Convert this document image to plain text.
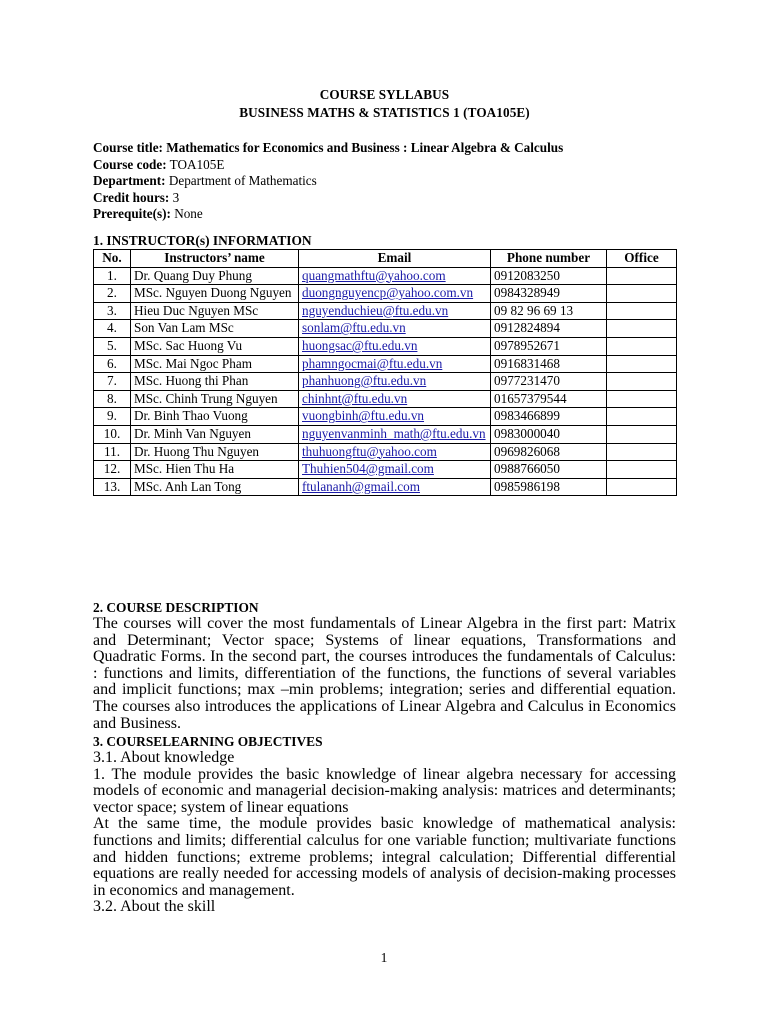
COURSE SYLLABUS
BUSINESS MATHS & STATISTICS 1 (TOA105E)
Course title: Mathematics for Economics and Business : Linear Algebra & Calculus
Course code: TOA105E
Department: Department of Mathematics
Credit hours: 3
Prerequite(s): None
1. INSTRUCTOR(s) INFORMATION
No.	Instructors’ name	Email	Phone number	Office
1.	Dr. Quang Duy Phung	quangmathftu@yahoo.com	0912083250	
2.	MSc. Nguyen Duong Nguyen	duongnguyencp@yahoo.com.vn	0984328949	
3.	Hieu Duc Nguyen MSc	nguyenduchieu@ftu.edu.vn	09 82 96 69 13	
4.	Son Van Lam MSc	sonlam@ftu.edu.vn	0912824894	
5.	MSc. Sac Huong Vu	huongsac@ftu.edu.vn	0978952671	
6.	MSc. Mai Ngoc Pham	phamngocmai@ftu.edu.vn	0916831468	
7.	MSc. Huong thi Phan	phanhuong@ftu.edu.vn	0977231470	
8.	MSc. Chinh Trung Nguyen	chinhnt@ftu.edu.vn	01657379544	
9.	Dr. Binh Thao Vuong	vuongbinh@ftu.edu.vn	0983466899	
10.	Dr. Minh Van Nguyen	nguyenvanminh_math@ftu.edu.vn	0983000040	
11.	Dr. Huong Thu Nguyen	thuhuongftu@yahoo.com	0969826068	
12.	MSc. Hien Thu Ha	Thuhien504@gmail.com	0988766050	
13.	MSc. Anh Lan Tong	ftulananh@gmail.com	0985986198	
2. COURSE DESCRIPTION

The courses will cover the most fundamentals of Linear Algebra in the first part: Matrix and Determinant; Vector space; Systems of linear equations, Transformations and Quadratic Forms. In the second part, the courses introduces the fundamentals of Calculus: : functions and limits, differentiation of the functions, the functions of several variables and implicit functions; max –min problems; integration; series and differential equation. The courses also introduces the applications of Linear Algebra and Calculus in Economics and Business.

3. COURSELEARNING OBJECTIVES

3.1. About knowledge

1. The module provides the basic knowledge of linear algebra necessary for accessing models of economic and managerial decision-making analysis: matrices and determinants; vector space; system of linear equations

At the same time, the module provides basic knowledge of mathematical analysis: functions and limits; differential calculus for one variable function; multivariate functions and hidden functions; extreme problems; integral calculation; Differential differential equations are really needed for accessing models of analysis of decision-making processes in economics and management.

3.2. About the skill

1
